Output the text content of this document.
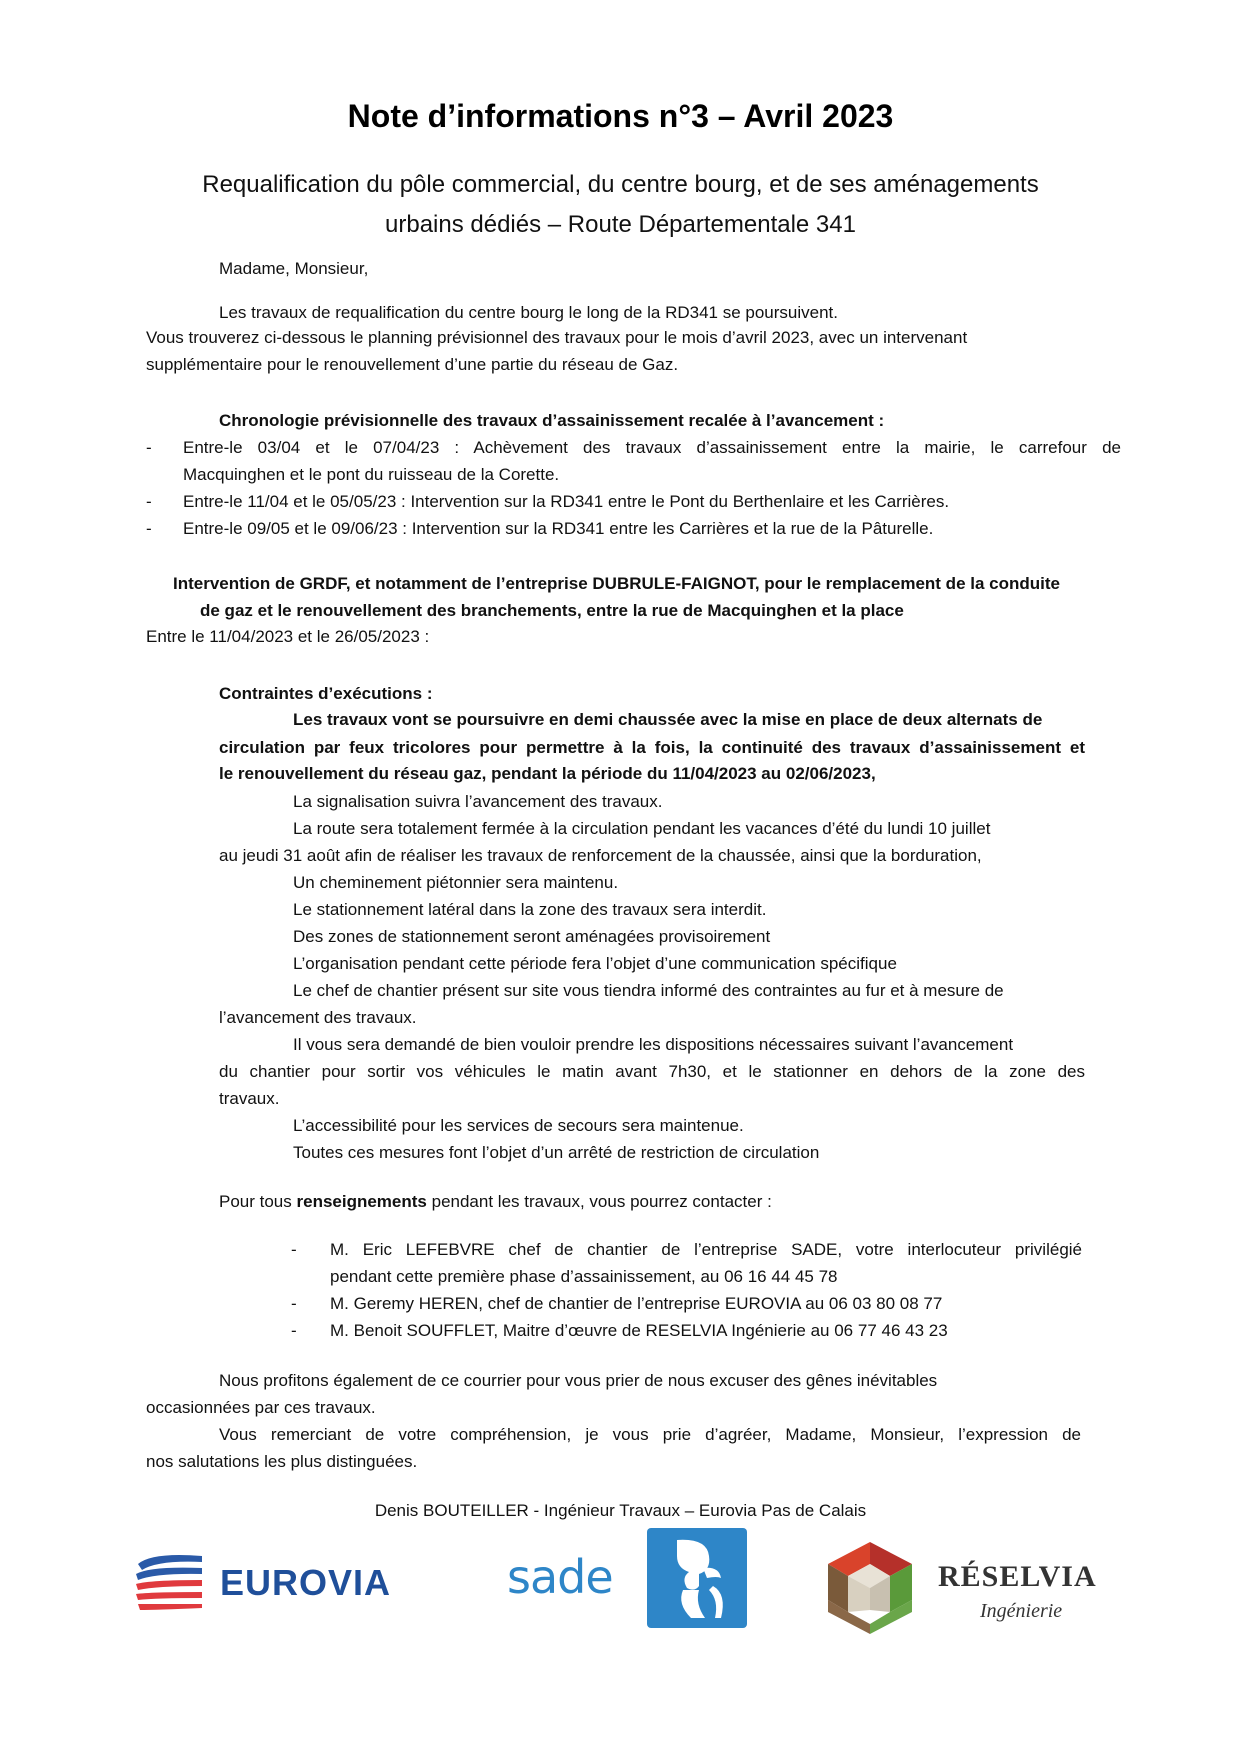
Note d’informations n°3 – Avril 2023
Requalification du pôle commercial, du centre bourg, et de ses aménagements
urbains dédiés – Route Départementale 341
Madame, Monsieur,
Les travaux de requalification du centre bourg le long de la RD341 se poursuivent.
Vous trouverez ci-dessous le planning prévisionnel des travaux pour le mois d’avril 2023, avec un intervenant
supplémentaire pour le renouvellement d’une partie du réseau de Gaz.
Chronologie prévisionnelle des travaux d’assainissement recalée à l’avancement :
-	Entre-le 03/04 et le 07/04/23 : Achèvement des travaux d’assainissement entre la mairie, le carrefour de
Macquinghen et le pont du ruisseau de la Corette.
-	Entre-le 11/04 et le 05/05/23 : Intervention sur la RD341 entre le Pont du Berthenlaire et les Carrières.
-	Entre-le 09/05 et le 09/06/23 : Intervention sur la RD341 entre les Carrières et la rue de la Pâturelle.
Intervention de GRDF, et notamment de l’entreprise DUBRULE-FAIGNOT, pour le remplacement de la conduite
de gaz et le renouvellement des branchements, entre la rue de Macquinghen et la place
Entre le 11/04/2023 et le 26/05/2023 :
Contraintes d’exécutions :
Les travaux vont se poursuivre en demi chaussée avec la mise en place de deux alternats de
circulation par feux tricolores pour permettre à la fois, la continuité des travaux d’assainissement et
le renouvellement du réseau gaz, pendant la période du 11/04/2023 au 02/06/2023,
La signalisation suivra l’avancement des travaux.
La route sera totalement fermée à la circulation pendant les vacances d’été du lundi 10 juillet
au jeudi 31 août afin de réaliser les travaux de renforcement de la chaussée, ainsi que la borduration,
Un cheminement piétonnier sera maintenu.
Le stationnement latéral dans la zone des travaux sera interdit.
Des zones de stationnement seront aménagées provisoirement
L’organisation pendant cette période fera l’objet d’une communication spécifique
Le chef de chantier présent sur site vous tiendra informé des contraintes au fur et à mesure de
l’avancement des travaux.
Il vous sera demandé de bien vouloir prendre les dispositions nécessaires suivant l’avancement
du chantier pour sortir vos véhicules le matin avant 7h30, et le stationner en dehors de la zone des
travaux.
L’accessibilité pour les services de secours sera maintenue.
Toutes ces mesures font l’objet d’un arrêté de restriction de circulation
Pour tous renseignements pendant les travaux, vous pourrez contacter :
-	M. Eric LEFEBVRE chef de chantier de l’entreprise SADE, votre interlocuteur privilégié
pendant cette première phase d’assainissement, au 06 16 44 45 78
-	M. Geremy HEREN, chef de chantier de l’entreprise EUROVIA au 06 03 80 08 77
-	M. Benoit SOUFFLET, Maitre d’œuvre de RESELVIA Ingénierie au 06 77 46 43 23
Nous profitons également de ce courrier pour vous prier de nous excuser des gênes inévitables
occasionnées par ces travaux.
Vous remerciant de votre compréhension, je vous prie d’agréer, Madame, Monsieur, l’expression de
nos salutations les plus distinguées.
Denis BOUTEILLER - Ingénieur Travaux – Eurovia Pas de Calais
EUROVIA	sade	RÉSELVIA
Ingénierie
